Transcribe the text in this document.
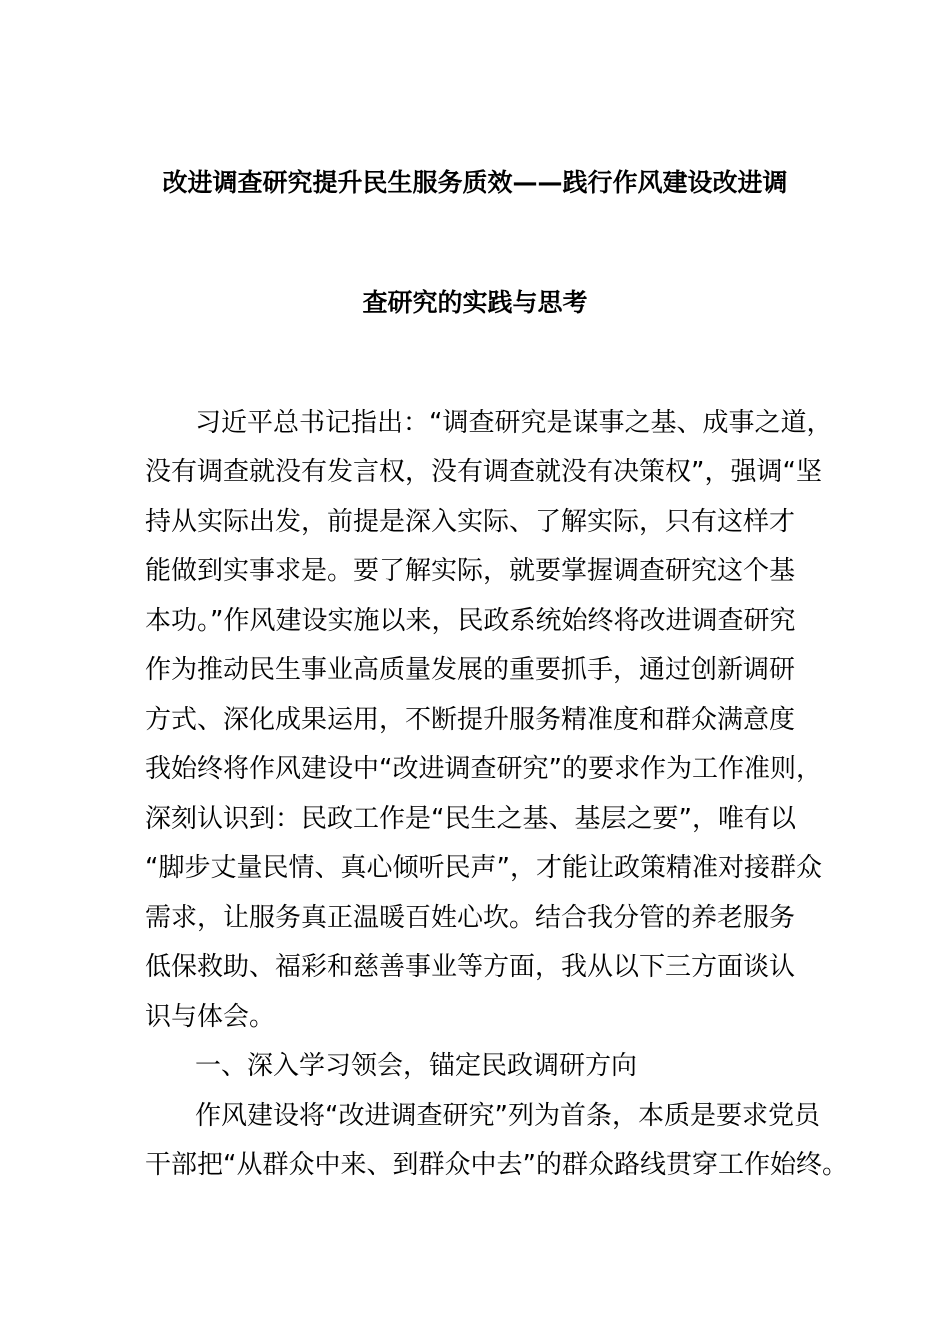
改进调查研究提升民生服务质效——践行作风建设改进调
查研究的实践与思考
习近平总书记指出：“调查研究是谋事之基、成事之道，
没有调查就没有发言权，没有调查就没有决策权”，强调“坚
持从实际出发，前提是深入实际、了解实际，只有这样才
能做到实事求是。要了解实际，就要掌握调查研究这个基
本功。”作风建设实施以来，民政系统始终将改进调查研究
作为推动民生事业高质量发展的重要抓手，通过创新调研
方式、深化成果运用，不断提升服务精准度和群众满意度
我始终将作风建设中“改进调查研究”的要求作为工作准则，
深刻认识到：民政工作是“民生之基、基层之要”，唯有以
“脚步丈量民情、真心倾听民声”，才能让政策精准对接群众
需求，让服务真正温暖百姓心坎。结合我分管的养老服务
低保救助、福彩和慈善事业等方面，我从以下三方面谈认
识与体会。
一、深入学习领会，锚定民政调研方向
作风建设将“改进调查研究”列为首条，本质是要求党员
干部把“从群众中来、到群众中去”的群众路线贯穿工作始终。
